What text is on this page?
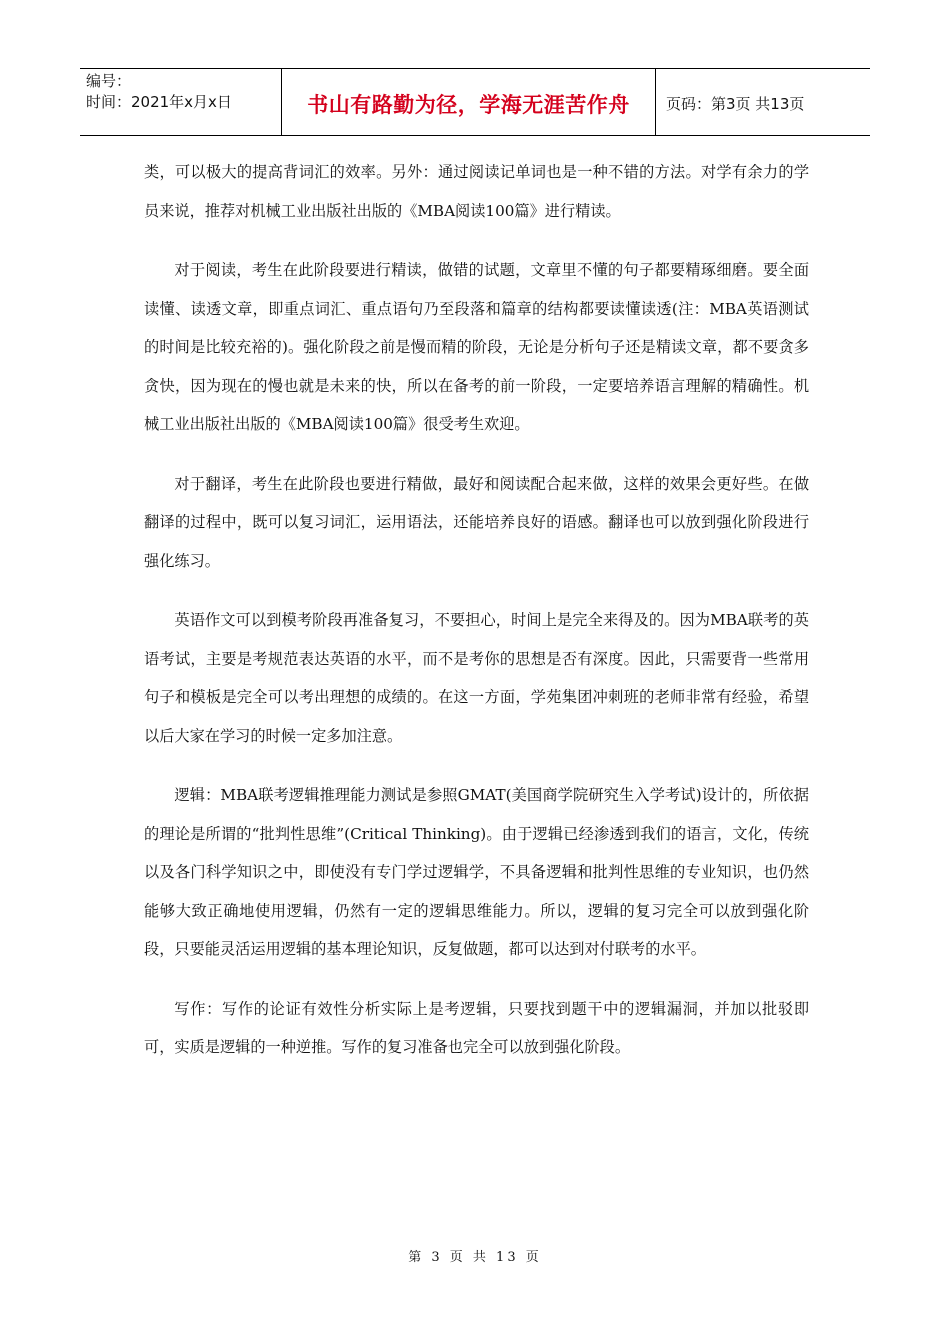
编号：
时间：2021年x月x日	书山有路勤为径，学海无涯苦作舟 页码：第3页 共13页

类，可以极大的提高背词汇的效率。另外：通过阅读记单词也是一种不错的方法。对学有余力的学员来说，推荐对机械工业出版社出版的《MBA阅读100篇》进行精读。

对于阅读，考生在此阶段要进行精读，做错的试题，文章里不懂的句子都要精琢细磨。要全面读懂、读透文章，即重点词汇、重点语句乃至段落和篇章的结构都要读懂读透(注：MBA英语测试的时间是比较充裕的)。强化阶段之前是慢而精的阶段，无论是分析句子还是精读文章，都不要贪多贪快，因为现在的慢也就是未来的快，所以在备考的前一阶段，一定要培养语言理解的精确性。机械工业出版社出版的《MBA阅读100篇》很受考生欢迎。

对于翻译，考生在此阶段也要进行精做，最好和阅读配合起来做，这样的效果会更好些。在做翻译的过程中，既可以复习词汇，运用语法，还能培养良好的语感。翻译也可以放到强化阶段进行强化练习。

英语作文可以到模考阶段再准备复习，不要担心，时间上是完全来得及的。因为MBA联考的英语考试，主要是考规范表达英语的水平，而不是考你的思想是否有深度。因此，只需要背一些常用句子和模板是完全可以考出理想的成绩的。在这一方面，学苑集团冲刺班的老师非常有经验，希望以后大家在学习的时候一定多加注意。

逻辑：MBA联考逻辑推理能力测试是参照GMAT(美国商学院研究生入学考试)设计的，所依据的理论是所谓的“批判性思维”(Critical Thinking)。由于逻辑已经渗透到我们的语言，文化，传统以及各门科学知识之中，即使没有专门学过逻辑学，不具备逻辑和批判性思维的专业知识，也仍然能够大致正确地使用逻辑，仍然有一定的逻辑思维能力。所以，逻辑的复习完全可以放到强化阶段，只要能灵活运用逻辑的基本理论知识，反复做题，都可以达到对付联考的水平。

写作：写作的论证有效性分析实际上是考逻辑，只要找到题干中的逻辑漏洞，并加以批驳即可，实质是逻辑的一种逆推。写作的复习准备也完全可以放到强化阶段。

第 3 页 共 13 页
